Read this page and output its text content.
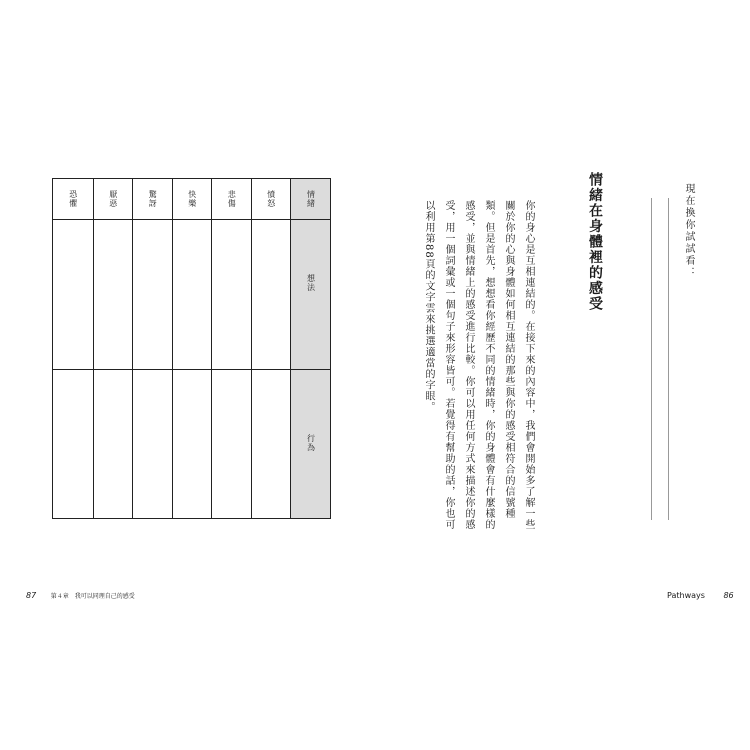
恐懼	厭惡	驚訝	快樂	悲傷	憤怒	情緒
想法
行為
情緒在身體裡的感受
你的身心是互相連結的。在接下來的內容中，我們會開始多了解一些關於你的心與身體如何相互連結的那些與你的感受相符合的信號種類。但是首先，想想看你經歷不同的情緒時，你的身體會有什麼樣的感受，並與情緒上的感受進行比較。你可以用任何方式來描述你的感受，用一個詞彙或一個句子來形容皆可。若覺得有幫助的話，你也可以利用第88頁的文字雲來挑選適當的字眼。	現在換你試試看：
87 第４章　我可以同理自己的感受	Pathways 86
